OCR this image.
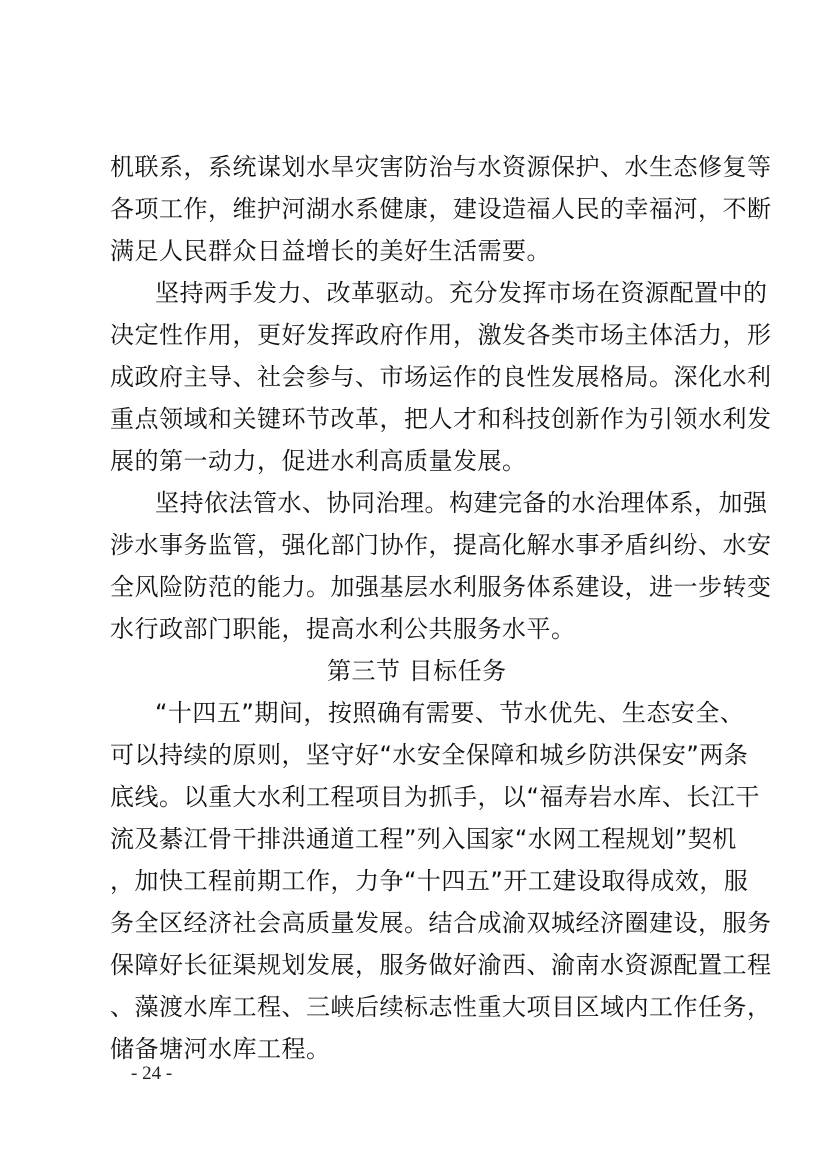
机联系，系统谋划水旱灾害防治与水资源保护、水生态修复等
各项工作，维护河湖水系健康，建设造福人民的幸福河，不断
满足人民群众日益增长的美好生活需要。
坚持两手发力、改革驱动。充分发挥市场在资源配置中的
决定性作用，更好发挥政府作用，激发各类市场主体活力，形
成政府主导、社会参与、市场运作的良性发展格局。深化水利
重点领域和关键环节改革，把人才和科技创新作为引领水利发
展的第一动力，促进水利高质量发展。
坚持依法管水、协同治理。构建完备的水治理体系，加强
涉水事务监管，强化部门协作，提高化解水事矛盾纠纷、水安
全风险防范的能力。加强基层水利服务体系建设，进一步转变
水行政部门职能，提高水利公共服务水平。
第三节 目标任务
“十四五”期间，按照确有需要、节水优先、生态安全、
可以持续的原则，坚守好“水安全保障和城乡防洪保安”两条
底线。以重大水利工程项目为抓手，以“福寿岩水库、长江干
流及綦江骨干排洪通道工程”列入国家“水网工程规划”契机
，加快工程前期工作，力争“十四五”开工建设取得成效，服
务全区经济社会高质量发展。结合成渝双城经济圈建设，服务
保障好长征渠规划发展，服务做好渝西、渝南水资源配置工程
、藻渡水库工程、三峡后续标志性重大项目区域内工作任务，
储备塘河水库工程。
- 24 -
